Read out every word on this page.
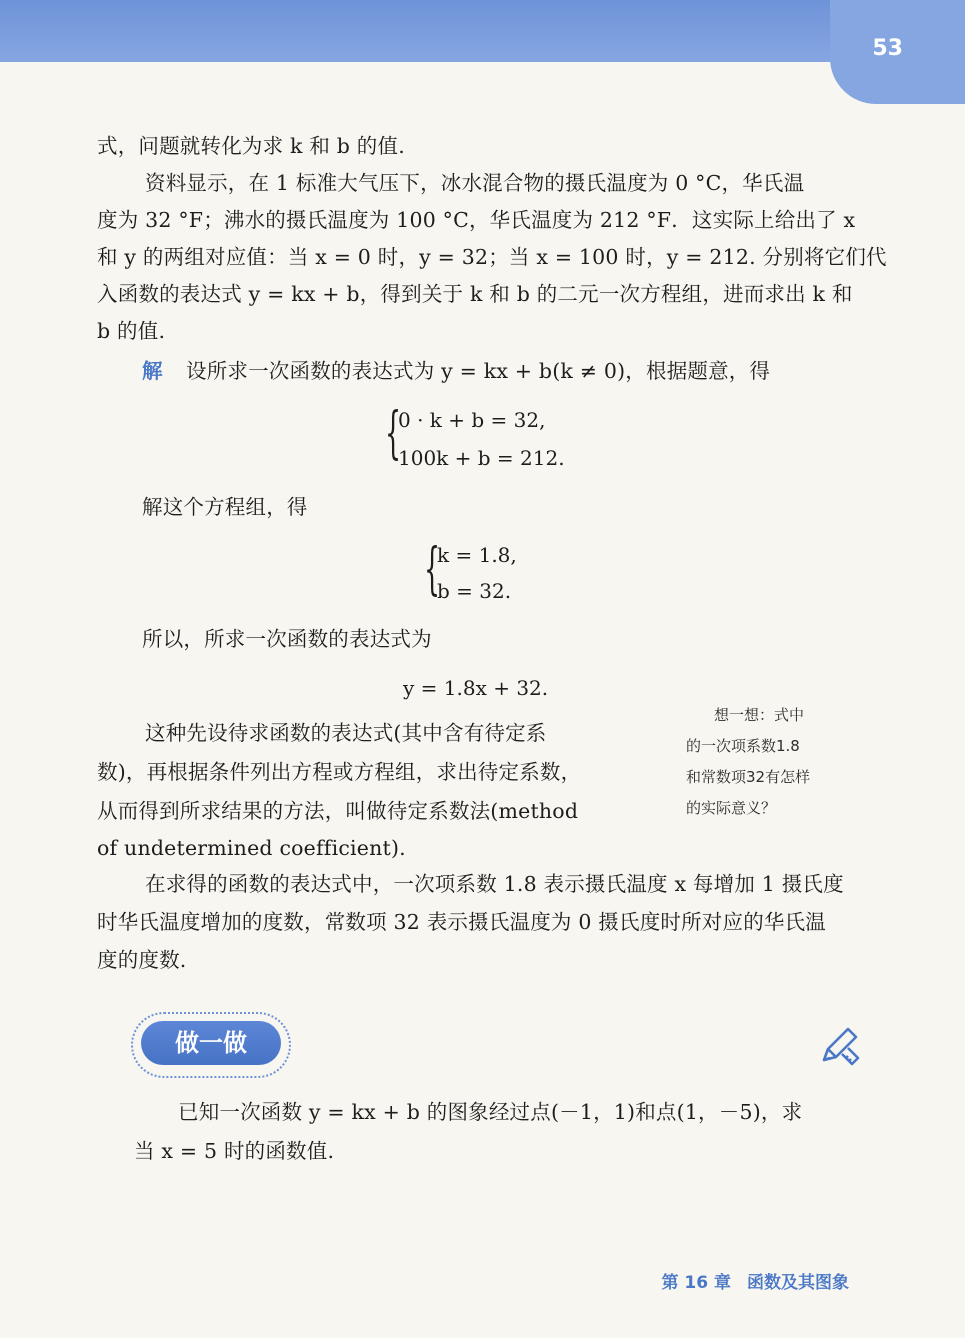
53

式，问题就转化为求 k 和 b 的值.

资料显示，在 1 标准大气压下，冰水混合物的摄氏温度为 0 °C，华氏温

度为 32 °F；沸水的摄氏温度为 100 °C，华氏温度为 212 °F．这实际上给出了 x

和 y 的两组对应值：当 x = 0 时，y = 32；当 x = 100 时，y = 212. 分别将它们代

入函数的表达式 y = kx + b，得到关于 k 和 b 的二元一次方程组，进而求出 k 和

b 的值.

解 设所求一次函数的表达式为 y = kx + b(k ≠ 0)，根据题意，得

{
0 · k + b = 32,
100k + b = 212.

解这个方程组，得

{
k = 1.8,
b = 32.

所以，所求一次函数的表达式为

y = 1.8x + 32.

这种先设待求函数的表达式(其中含有待定系

数)，再根据条件列出方程或方程组，求出待定系数，

从而得到所求结果的方法，叫做待定系数法(method

of undetermined coefficient).

想一想：式中
的一次项系数1.8
和常数项32有怎样
的实际意义？

在求得的函数的表达式中，一次项系数 1.8 表示摄氏温度 x 每增加 1 摄氏度

时华氏温度增加的度数，常数项 32 表示摄氏温度为 0 摄氏度时所对应的华氏温

度的度数.

做一做

已知一次函数 y = kx + b 的图象经过点(－1，1)和点(1，－5)，求

当 x = 5 时的函数值.

第 16 章 函数及其图象
